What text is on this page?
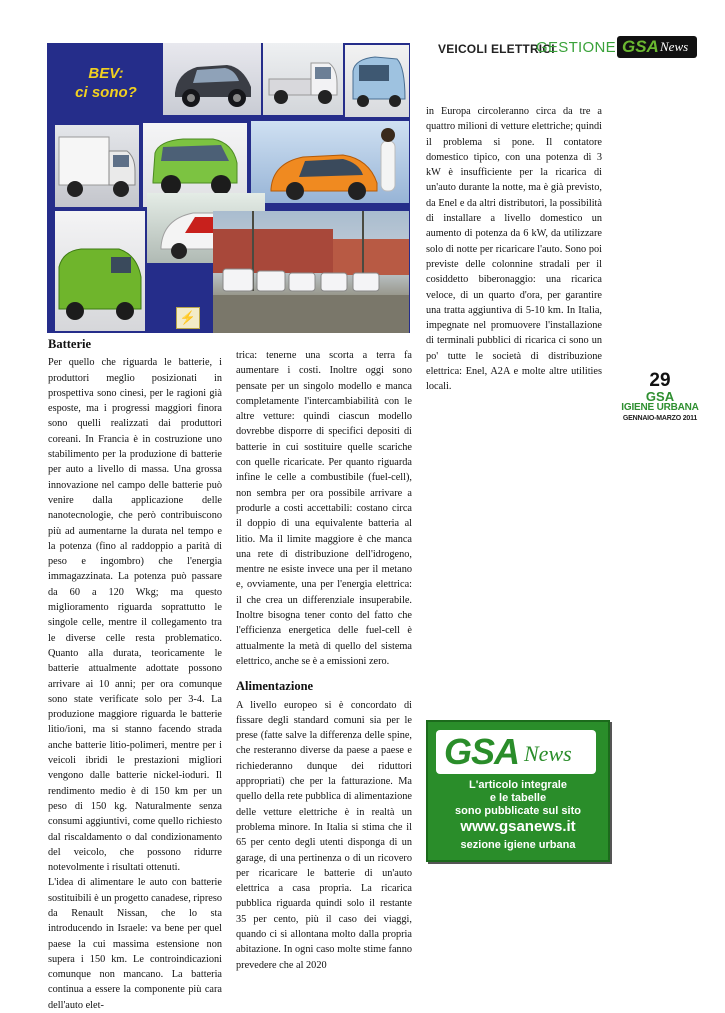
VEICOLI ELETTRICI
GESTIONE GSA News
BEV:
ci sono?
⚡
Batterie

Per quello che riguarda le batterie, i produttori meglio posizionati in prospettiva sono cinesi, per le ragioni già esposte, ma i progressi maggiori finora sono quelli realizzati dai produttori coreani. In Francia è in costruzione uno stabilimento per la produzione di batterie per auto a livello di massa. Una grossa innovazione nel campo delle batterie può venire dalla applicazione delle nanotecnologie, che però contribuiscono più ad aumentarne la durata nel tempo e la potenza (fino al raddoppio a parità di peso e ingombro) che l'energia immagazzinata. La potenza può passare da 60 a 120 Wkg; ma questo miglioramento riguarda soprattutto le singole celle, mentre il collegamento tra le diverse celle resta problematico. Quanto alla durata, teoricamente le batterie attualmente adottate possono arrivare ai 10 anni; per ora comunque sono state verificate solo per 3-4. La produzione maggiore riguarda le batterie litio/ioni, ma si stanno facendo strada anche batterie litio-polimeri, mentre per i veicoli ibridi le prestazioni migliori vengono dalle batterie nickel-ioduri. Il rendimento medio è di 150 km per un peso di 150 kg. Naturalmente senza consumi aggiuntivi, come quello richiesto dal riscaldamento o dal condizionamento del veicolo, che possono ridurre notevolmente i risultati ottenuti.

L'idea di alimentare le auto con batterie sostituibili è un progetto canadese, ripreso da Renault Nissan, che lo sta introducendo in Israele: va bene per quel paese la cui massima estensione non supera i 150 km. Le controindicazioni comunque non mancano. La batteria continua a essere la componente più cara dell'auto elet-

trica: tenerne una scorta a terra fa aumentare i costi. Inoltre oggi sono pensate per un singolo modello e manca completamente l'intercambiabilità con le altre vetture: quindi ciascun modello dovrebbe disporre di specifici depositi di batterie in cui sostituire quelle scariche con quelle ricaricate. Per quanto riguarda infine le celle a combustibile (fuel-cell), non sembra per ora possibile arrivare a produrle a costi accettabili: costano circa il doppio di una equivalente batteria al litio. Ma il limite maggiore è che manca una rete di distribuzione dell'idrogeno, mentre ne esiste invece una per il metano e, ovviamente, una per l'energia elettrica: il che crea un differenziale insuperabile. Inoltre bisogna tener conto del fatto che l'efficienza energetica delle fuel-cell è attualmente la metà di quello del sistema elettrico, anche se è a emissioni zero.

Alimentazione

A livello europeo si è concordato di fissare degli standard comuni sia per le prese (fatte salve la differenza delle spine, che resteranno diverse da paese a paese e richiederanno dunque dei riduttori appropriati) che per la fatturazione. Ma quello della rete pubblica di alimentazione delle vetture elettriche è in realtà un problema minore. In Italia si stima che il 65 per cento degli utenti disponga di un garage, di una pertinenza o di un ricovero per ricaricare le batterie di un'auto elettrica a casa propria. La ricarica pubblica riguarda quindi solo il restante 35 per cento, più il caso dei viaggi, quando ci si allontana molto dalla propria abitazione. In ogni caso molte stime fanno prevedere che al 2020

in Europa circoleranno circa da tre a quattro milioni di vetture elettriche; quindi il problema si pone. Il contatore domestico tipico, con una potenza di 3 kW è insufficiente per la ricarica di un'auto durante la notte, ma è già previsto, da Enel e da altri distributori, la possibilità di installare a livello domestico un aumento di potenza da 6 kW, da utilizzare solo di notte per ricaricare l'auto. Sono poi previste delle colonnine stradali per il cosiddetto biberonaggio: una ricarica veloce, di un quarto d'ora, per garantire una tratta aggiuntiva di 5-10 km. In Italia, impegnate nel promuovere l'installazione di terminali pubblici di ricarica ci sono un po' tutte le società di distribuzione elettrica: Enel, A2A e molte altre utilities locali.	29
GSA
IGIENE URBANA
GENNAIO-MARZO 2011
GSA News
L'articolo integrale
e le tabelle
sono pubblicate sul sito
www.gsanews.it
sezione igiene urbana
